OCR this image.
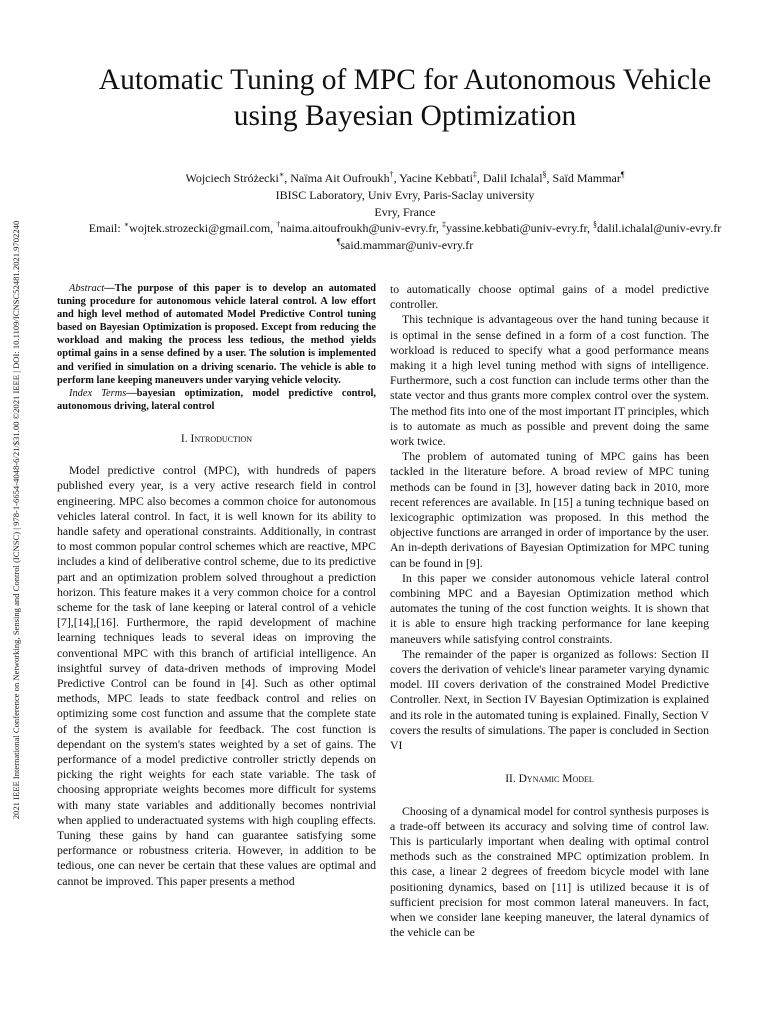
2021 IEEE International Conference on Networking, Sensing and Control (ICNSC) | 978-1-6654-4048-6/21/$31.00 ©2021 IEEE | DOI: 10.1109/ICNSC52481.2021.9702240
Automatic Tuning of MPC for Autonomous Vehicle
using Bayesian Optimization
Wojciech Stróżecki∗, Naïma Ait Oufroukh†, Yacine Kebbati‡, Dalil Ichalal§, Saïd Mammar¶
IBISC Laboratory, Univ Evry, Paris-Saclay university
Evry, France
Email: ∗wojtek.strozecki@gmail.com, †naima.aitoufroukh@univ-evry.fr, ‡yassine.kebbati@univ-evry.fr, §dalil.ichalal@univ-evry.fr
¶said.mammar@univ-evry.fr

Abstract—The purpose of this paper is to develop an automated tuning procedure for autonomous vehicle lateral control. A low effort and high level method of automated Model Predictive Control tuning based on Bayesian Optimization is proposed. Except from reducing the workload and making the process less tedious, the method yields optimal gains in a sense defined by a user. The solution is implemented and verified in simulation on a driving scenario. The vehicle is able to perform lane keeping maneuvers under varying vehicle velocity.

Index Terms—bayesian optimization, model predictive control, autonomous driving, lateral control

I. Introduction

Model predictive control (MPC), with hundreds of papers published every year, is a very active research field in control engineering. MPC also becomes a common choice for autonomous vehicles lateral control. In fact, it is well known for its ability to handle safety and operational constraints. Additionally, in contrast to most common popular control schemes which are reactive, MPC includes a kind of deliberative control scheme, due to its predictive part and an optimization problem solved throughout a prediction horizon. This feature makes it a very common choice for a control scheme for the task of lane keeping or lateral control of a vehicle [7],[14],[16]. Furthermore, the rapid development of machine learning techniques leads to several ideas on improving the conventional MPC with this branch of artificial intelligence. An insightful survey of data-driven methods of improving Model Predictive Control can be found in [4]. Such as other optimal methods, MPC leads to state feedback control and relies on optimizing some cost function and assume that the complete state of the system is available for feedback. The cost function is dependant on the system's states weighted by a set of gains. The performance of a model predictive controller strictly depends on picking the right weights for each state variable. The task of choosing appropriate weights becomes more difficult for systems with many state variables and additionally becomes nontrivial when applied to underactuated systems with high coupling effects. Tuning these gains by hand can guarantee satisfying some performance or robustness criteria. However, in addition to be tedious, one can never be certain that these values are optimal and cannot be improved. This paper presents a method

to automatically choose optimal gains of a model predictive controller.

This technique is advantageous over the hand tuning because it is optimal in the sense defined in a form of a cost function. The workload is reduced to specify what a good performance means making it a high level tuning method with signs of intelligence. Furthermore, such a cost function can include terms other than the state vector and thus grants more complex control over the system. The method fits into one of the most important IT principles, which is to automate as much as possible and prevent doing the same work twice.

The problem of automated tuning of MPC gains has been tackled in the literature before. A broad review of MPC tuning methods can be found in [3], however dating back in 2010, more recent references are available. In [15] a tuning technique based on lexicographic optimization was proposed. In this method the objective functions are arranged in order of importance by the user. An in-depth derivations of Bayesian Optimization for MPC tuning can be found in [9].

In this paper we consider autonomous vehicle lateral control combining MPC and a Bayesian Optimization method which automates the tuning of the cost function weights. It is shown that it is able to ensure high tracking performance for lane keeping maneuvers while satisfying control constraints.

The remainder of the paper is organized as follows: Section II covers the derivation of vehicle's linear parameter varying dynamic model. III covers derivation of the constrained Model Predictive Controller. Next, in Section IV Bayesian Optimization is explained and its role in the automated tuning is explained. Finally, Section V covers the results of simulations. The paper is concluded in Section VI

II. Dynamic Model

Choosing of a dynamical model for control synthesis purposes is a trade-off between its accuracy and solving time of control law. This is particularly important when dealing with optimal control methods such as the constrained MPC optimization problem. In this case, a linear 2 degrees of freedom bicycle model with lane positioning dynamics, based on [11] is utilized because it is of sufficient precision for most common lateral maneuvers. In fact, when we consider lane keeping maneuver, the lateral dynamics of the vehicle can be
